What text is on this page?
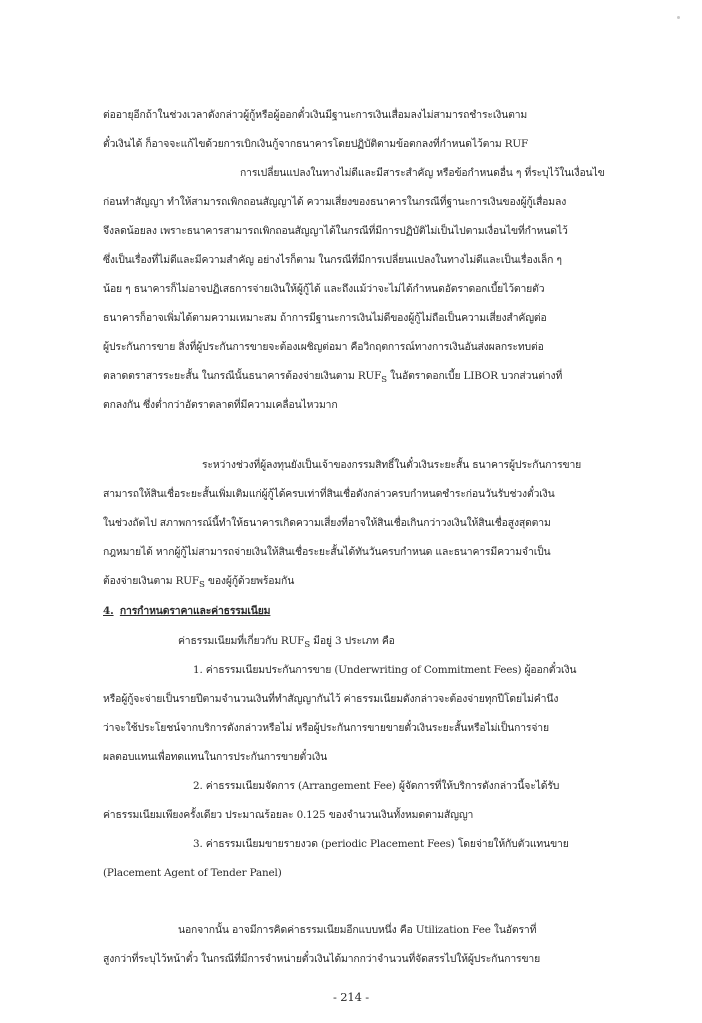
ต่ออายุอีกถ้าในช่วงเวลาดังกล่าวผู้กู้หรือผู้ออกตั๋วเงินมีฐานะการเงินเสื่อมลงไม่สามารถชำระเงินตาม
ตั๋วเงินได้ ก็อาจจะแก้ไขด้วยการเบิกเงินกู้จากธนาคารโดยปฏิบัติตามข้อตกลงที่กำหนดไว้ตาม RUF
การเปลี่ยนแปลงในทางไม่ดีและมีสาระสำคัญ หรือข้อกำหนดอื่น ๆ ที่ระบุไว้ในเงื่อนไข
ก่อนทำสัญญา ทำให้สามารถเพิกถอนสัญญาได้ ความเสี่ยงของธนาคารในกรณีที่ฐานะการเงินของผู้กู้เสื่อมลง
จึงลดน้อยลง เพราะธนาคารสามารถเพิกถอนสัญญาได้ในกรณีที่มีการปฏิบัติไม่เป็นไปตามเงื่อนไขที่กำหนดไว้
ซึ่งเป็นเรื่องที่ไม่ดีและมีความสำคัญ อย่างไรก็ตาม ในกรณีที่มีการเปลี่ยนแปลงในทางไม่ดีและเป็นเรื่องเล็ก ๆ
น้อย ๆ ธนาคารก็ไม่อาจปฏิเสธการจ่ายเงินให้ผู้กู้ได้ และถึงแม้ว่าจะไม่ได้กำหนดอัตราดอกเบี้ยไว้ตายตัว
ธนาคารก็อาจเพิ่มได้ตามความเหมาะสม ถ้าการมีฐานะการเงินไม่ดีของผู้กู้ไม่ถือเป็นความเสี่ยงสำคัญต่อ
ผู้ประกันการขาย สิ่งที่ผู้ประกันการขายจะต้องเผชิญต่อมา คือวิกฤตการณ์ทางการเงินอันส่งผลกระทบต่อ
ตลาดตราสารระยะสั้น ในกรณีนั้นธนาคารต้องจ่ายเงินตาม $RUF_S$ ในอัตราดอกเบี้ย LIBOR บวกส่วนต่างที่
ตกลงกัน ซึ่งต่ำกว่าอัตราตลาดที่มีความเคลื่อนไหวมาก
ระหว่างช่วงที่ผู้ลงทุนยังเป็นเจ้าของกรรมสิทธิ์ในตั๋วเงินระยะสั้น ธนาคารผู้ประกันการขาย
สามารถให้สินเชื่อระยะสั้นเพิ่มเติมแก่ผู้กู้ได้ครบเท่าที่สินเชื่อดังกล่าวครบกำหนดชำระก่อนวันรับช่วงตั๋วเงิน
ในช่วงถัดไป สภาพการณ์นี้ทำให้ธนาคารเกิดความเสี่ยงที่อาจให้สินเชื่อเกินกว่าวงเงินให้สินเชื่อสูงสุดตาม
กฎหมายได้ หากผู้กู้ไม่สามารถจ่ายเงินให้สินเชื่อระยะสั้นได้ทันวันครบกำหนด และธนาคารมีความจำเป็น
ต้องจ่ายเงินตาม $RUF_S$ ของผู้กู้ด้วยพร้อมกัน
4. การกำหนดราคาและค่าธรรมเนียม
ค่าธรรมเนียมที่เกี่ยวกับ $RUF_S$ มีอยู่ 3 ประเภท คือ
1. ค่าธรรมเนียมประกันการขาย (Underwriting of Commitment Fees) ผู้ออกตั๋วเงิน
หรือผู้กู้จะจ่ายเป็นรายปีตามจำนวนเงินที่ทำสัญญากันไว้ ค่าธรรมเนียมดังกล่าวจะต้องจ่ายทุกปีโดยไม่คำนึง
ว่าจะใช้ประโยชน์จากบริการดังกล่าวหรือไม่ หรือผู้ประกันการขายขายตั๋วเงินระยะสั้นหรือไม่เป็นการจ่าย
ผลตอบแทนเพื่อทดแทนในการประกันการขายตั๋วเงิน
2. ค่าธรรมเนียมจัดการ (Arrangement Fee) ผู้จัดการที่ให้บริการดังกล่าวนี้จะได้รับ
ค่าธรรมเนียมเพียงครั้งเดียว ประมาณร้อยละ 0.125 ของจำนวนเงินทั้งหมดตามสัญญา
3. ค่าธรรมเนียมขายรายงวด (periodic Placement Fees) โดยจ่ายให้กับตัวแทนขาย
(Placement Agent of Tender Panel)
นอกจากนั้น อาจมีการคิดค่าธรรมเนียมอีกแบบหนึ่ง คือ Utilization Fee ในอัตราที่
สูงกว่าที่ระบุไว้หน้าตั๋ว ในกรณีที่มีการจำหน่ายตั๋วเงินได้มากกว่าจำนวนที่จัดสรรไปให้ผู้ประกันการขาย
- 214 -
